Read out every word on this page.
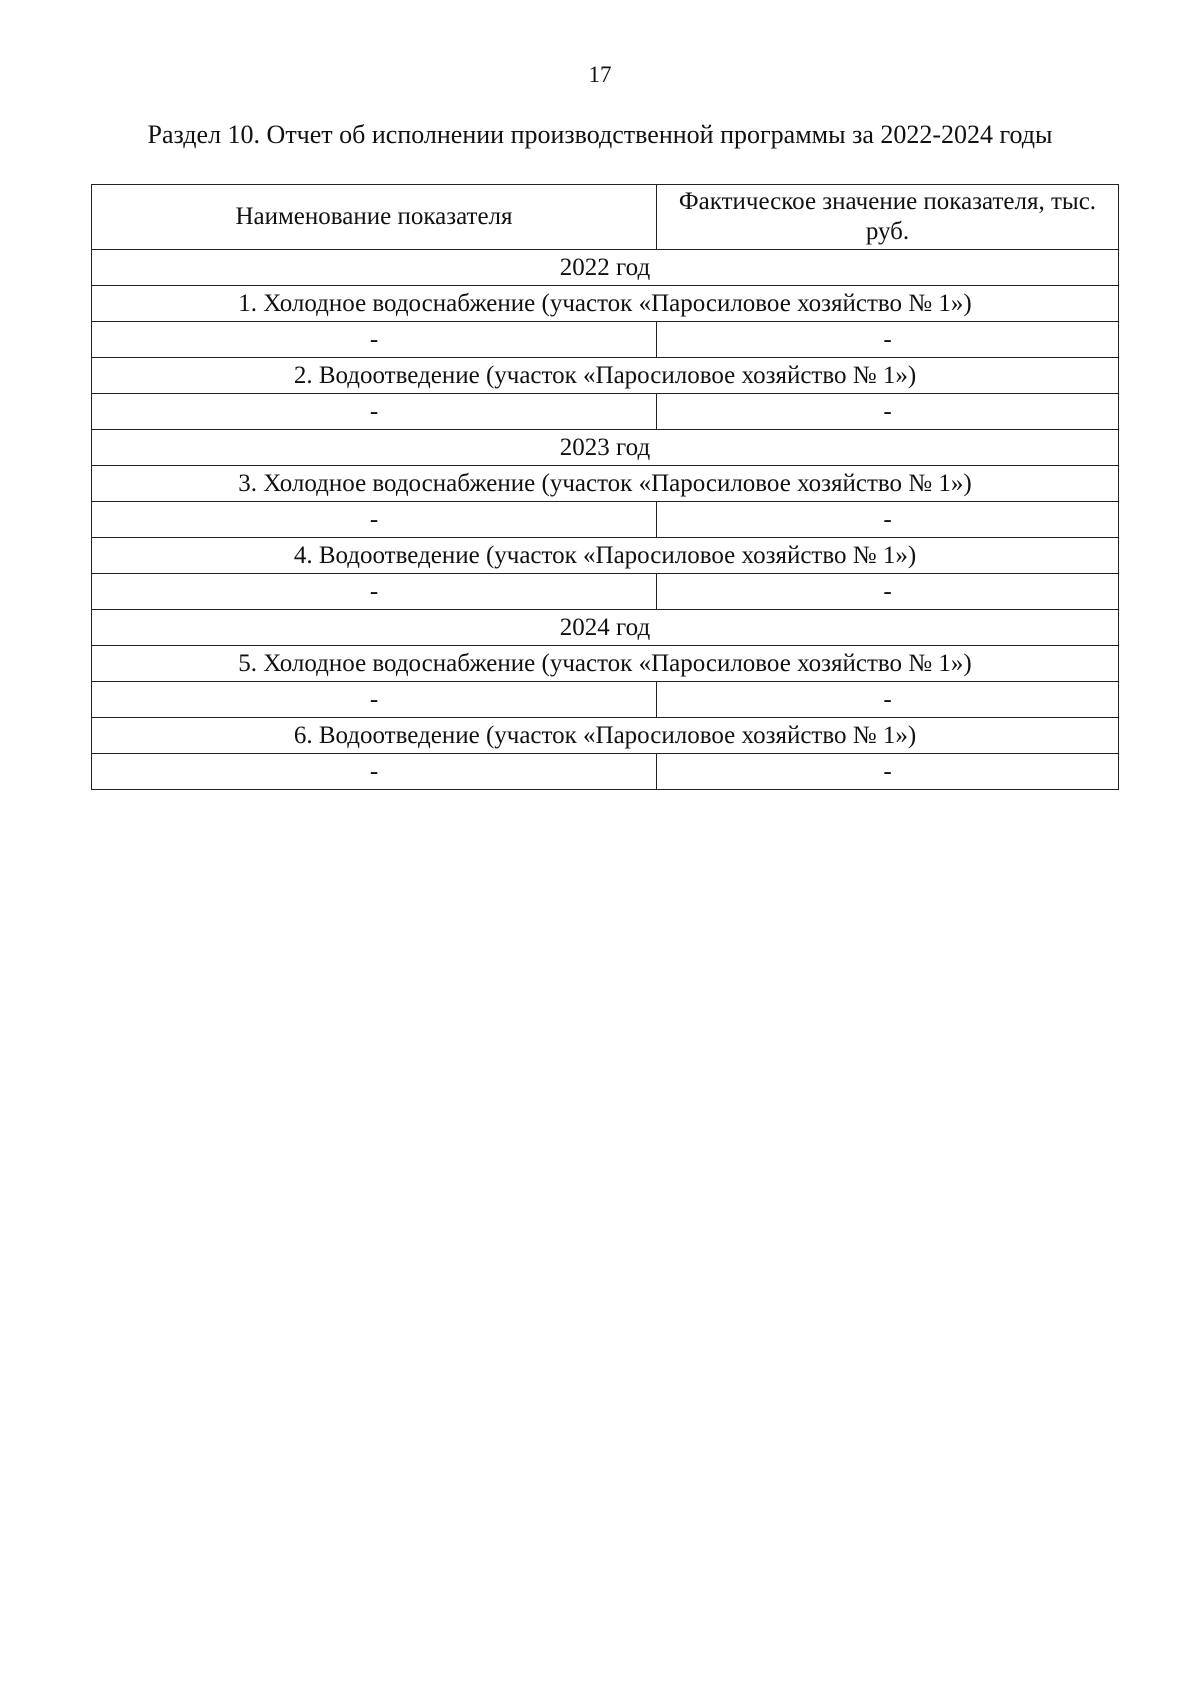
17
Раздел 10. Отчет об исполнении производственной программы за 2022-2024 годы
Наименование показателя	Фактическое значение показателя, тыс. руб.
2022 год	
1. Холодное водоснабжение (участок «Паросиловое хозяйство № 1»)	
-	-
2. Водоотведение (участок «Паросиловое хозяйство № 1»)	
-	-
2023 год	
3. Холодное водоснабжение (участок «Паросиловое хозяйство № 1»)	
-	-
4. Водоотведение (участок «Паросиловое хозяйство № 1»)	
-	-
2024 год	
5. Холодное водоснабжение (участок «Паросиловое хозяйство № 1»)	
-	-
6. Водоотведение (участок «Паросиловое хозяйство № 1»)	
-	-
